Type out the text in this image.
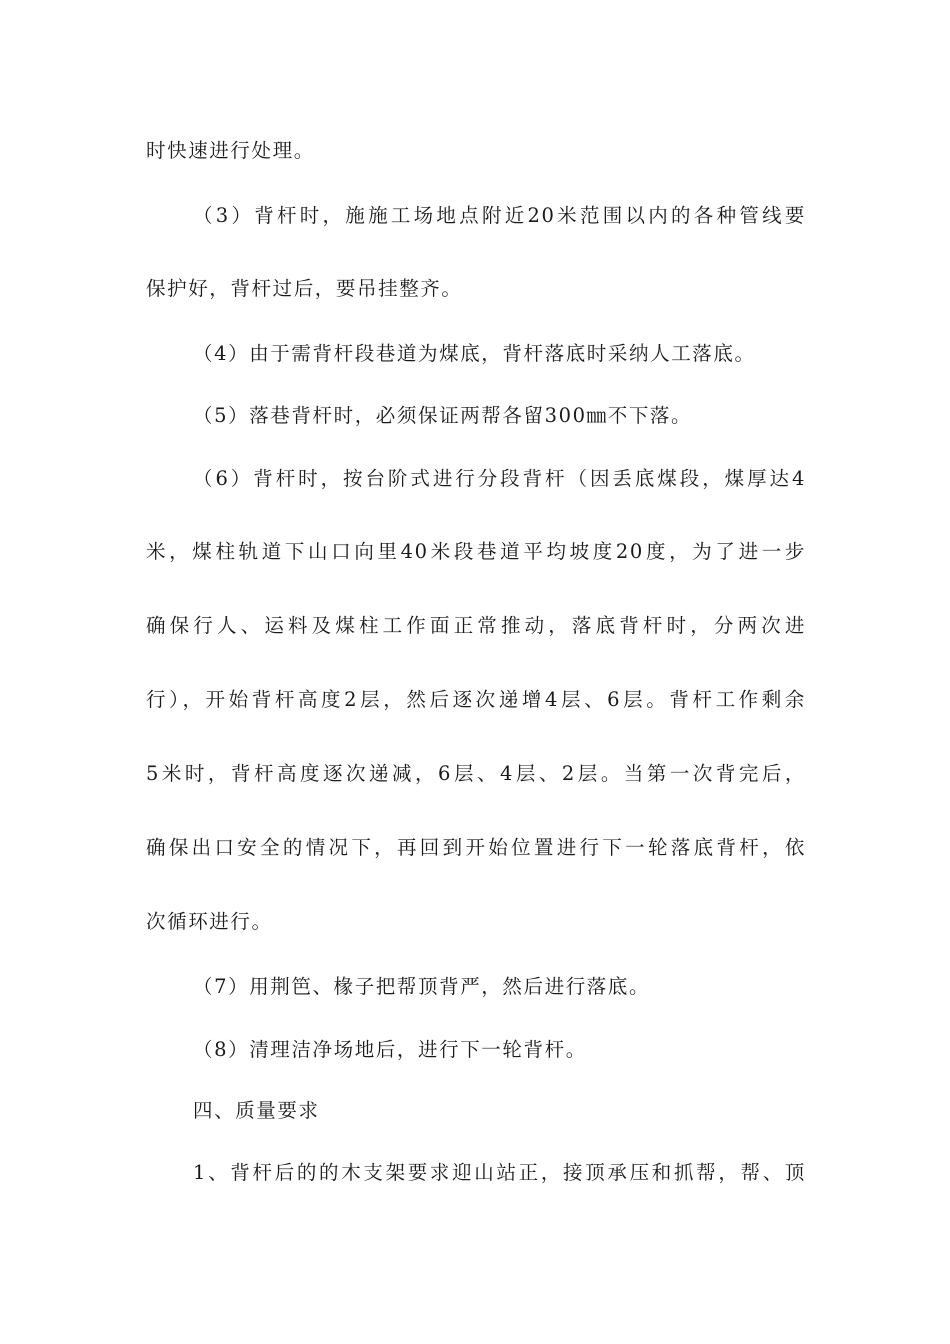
时快速进行处理。
（3）背杆时，施施工场地点附近20米范围以内的各种管线要
保护好，背杆过后，要吊挂整齐。
（4）由于需背杆段巷道为煤底，背杆落底时采纳人工落底。
（5）落巷背杆时，必须保证两帮各留300㎜不下落。
（6）背杆时，按台阶式进行分段背杆（因丢底煤段，煤厚达4
米，煤柱轨道下山口向里40米段巷道平均坡度20度，为了进一步
确保行人、运料及煤柱工作面正常推动，落底背杆时，分两次进
行），开始背杆高度2层，然后逐次递增4层、6层。背杆工作剩余
5米时，背杆高度逐次递减，6层、4层、2层。当第一次背完后，
确保出口安全的情况下，再回到开始位置进行下一轮落底背杆，依
次循环进行。
（7）用荆笆、椽子把帮顶背严，然后进行落底。
（8）清理洁净场地后，进行下一轮背杆。
四、质量要求
1、背杆后的的木支架要求迎山站正，接顶承压和抓帮，帮、顶
